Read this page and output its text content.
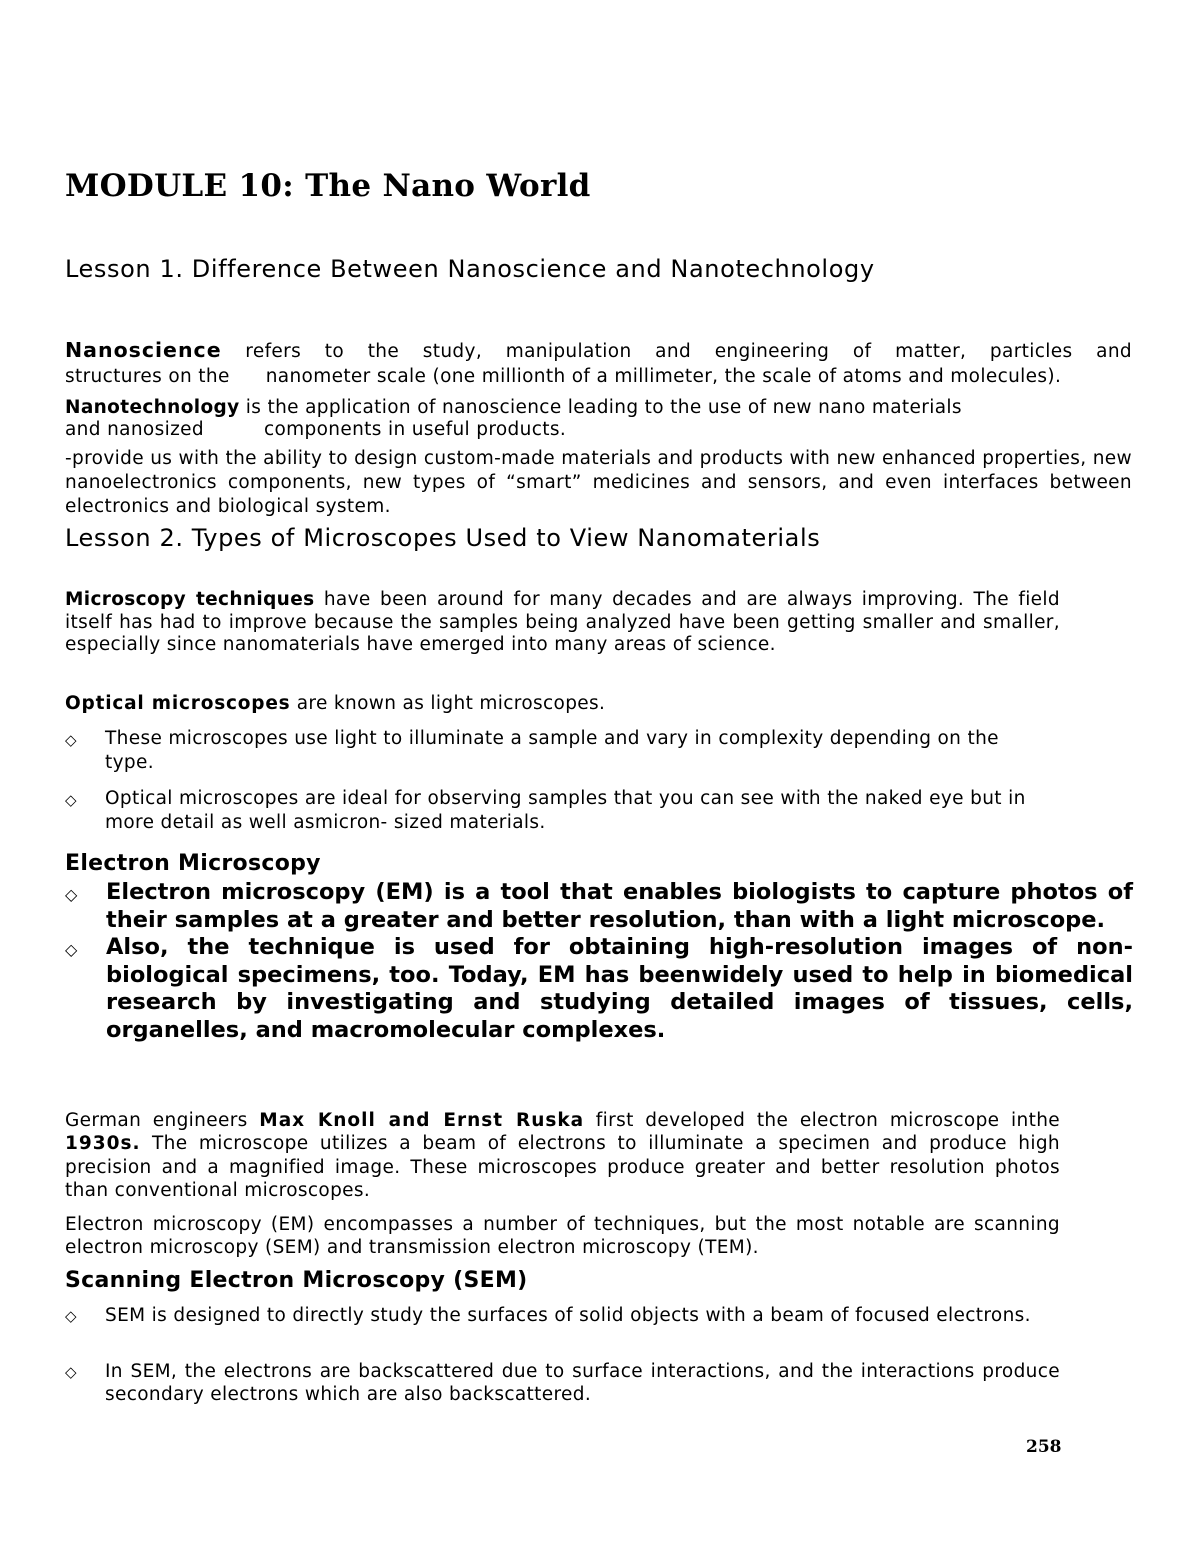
MODULE 10: The Nano World
Lesson 1. Difference Between Nanoscience and Nanotechnology
Nanoscience refers to the study, manipulation and engineering of matter, particles and
structures on the nanometer scale (one millionth of a millimeter, the scale of atoms and molecules).
Nanotechnology is the application of nanoscience leading to the use of new nano materials
and nanosized	components in useful products.

-provide us with the ability to design custom-made materials and products with new enhanced properties, new nanoelectronics components, new types of “smart” medicines and sensors, and even interfaces between electronics and biological system.

Lesson 2. Types of Microscopes Used to View Nanomaterials

Microscopy techniques have been around for many decades and are always improving. The field itself has had to improve because the samples being analyzed have been getting smaller and smaller, especially since nanomaterials have emerged into many areas of science.

Optical microscopes are known as light microscopes.

◇	These microscopes use light to illuminate a sample and vary in complexity depending on the type.
◇	Optical microscopes are ideal for observing samples that you can see with the naked eye but in more detail as well asmicron- sized materials.
Electron Microscopy
◇	Electron microscopy (EM) is a tool that enables biologists to capture photos of their samples at a greater and better resolution, than with a light microscope.
◇	Also, the technique is used for obtaining high-resolution images of non-biological specimens, too. Today, EM has beenwidely used to help in biomedical research by investigating and studying detailed images of tissues, cells, organelles, and macromolecular complexes.

German engineers Max Knoll and Ernst Ruska first developed the electron microscope inthe 1930s. The microscope utilizes a beam of electrons to illuminate a specimen and produce high precision and a magnified image. These microscopes produce greater and better resolution photos than conventional microscopes.

Electron microscopy (EM) encompasses a number of techniques, but the most notable are scanning electron microscopy (SEM) and transmission electron microscopy (TEM).

Scanning Electron Microscopy (SEM)
◇	SEM is designed to directly study the surfaces of solid objects with a beam of focused electrons.
◇	In SEM, the electrons are backscattered due to surface interactions, and the interactions produce secondary electrons which are also backscattered.
258
